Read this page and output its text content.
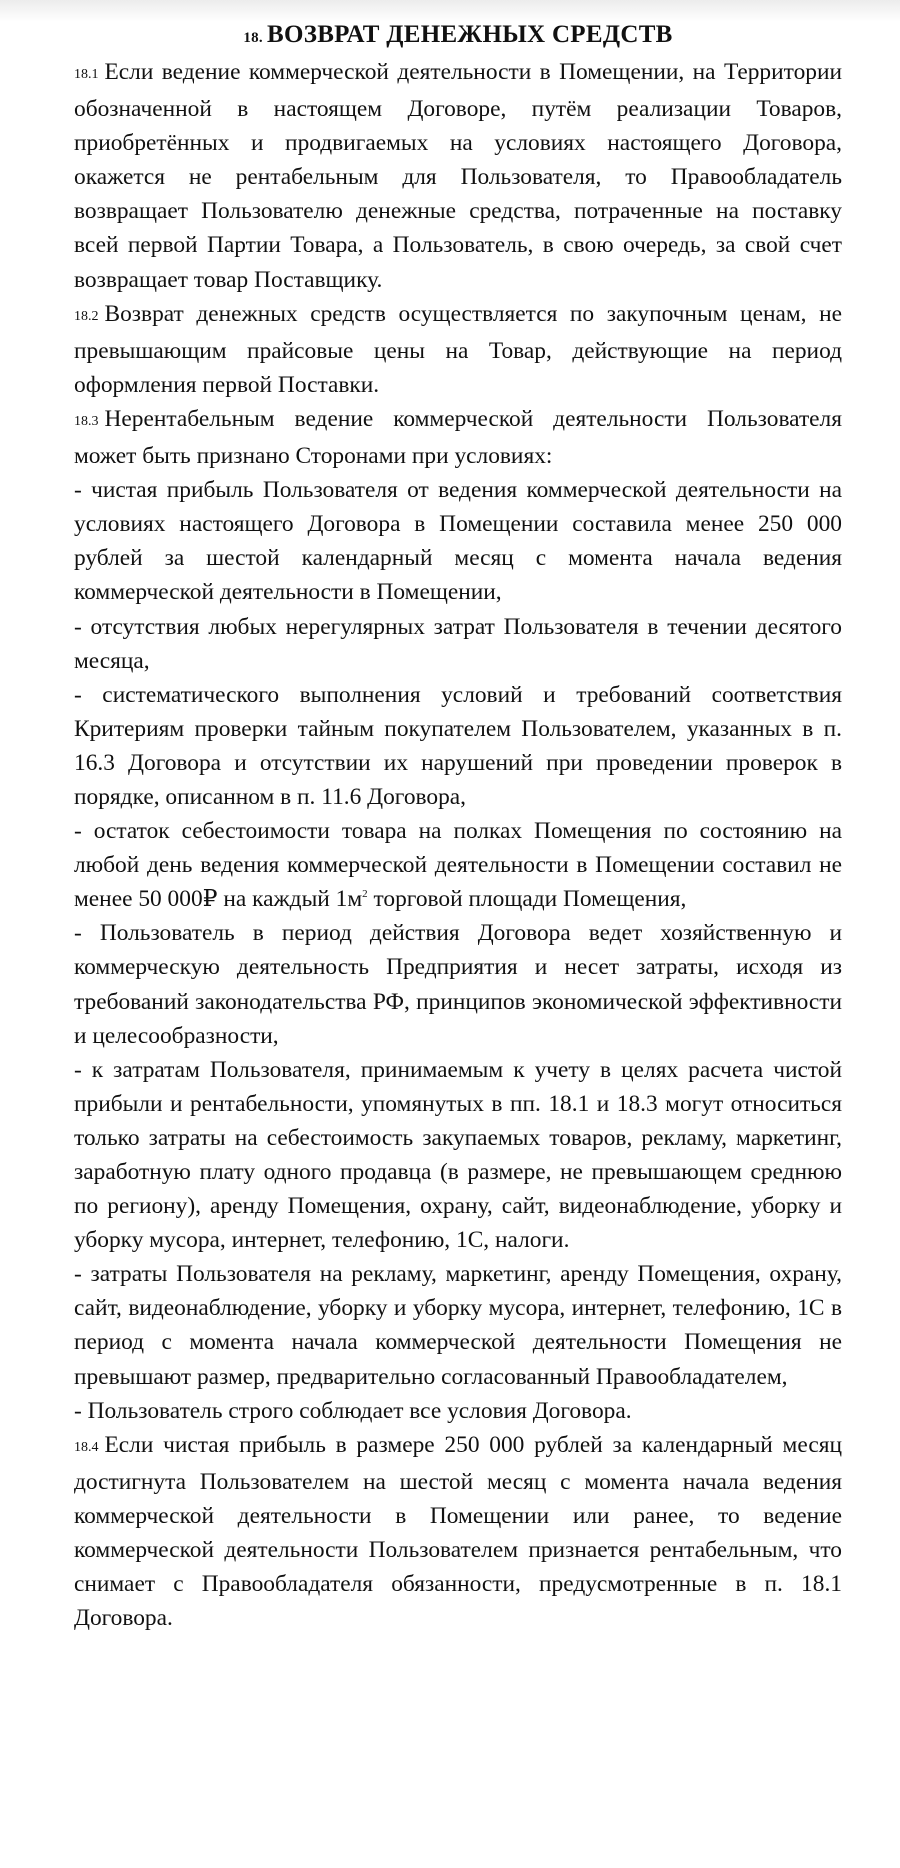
18. ВОЗВРАТ ДЕНЕЖНЫХ СРЕДСТВ

18.1 Если ведение коммерческой деятельности в Помещении, на Территории обозначенной в настоящем Договоре, путём реализации Товаров, приобретённых и продвигаемых на условиях настоящего Договора, окажется не рентабельным для Пользователя, то Правообладатель возвращает Пользователю денежные средства, потраченные на поставку всей первой Партии Товара, а Пользователь, в свою очередь, за свой счет возвращает товар Поставщику.

18.2 Возврат денежных средств осуществляется по закупочным ценам, не превышающим прайсовые цены на Товар, действующие на период оформления первой Поставки.

18.3 Нерентабельным ведение коммерческой деятельности Пользователя может быть признано Сторонами при условиях:

- чистая прибыль Пользователя от ведения коммерческой деятельности на условиях настоящего Договора в Помещении составила менее 250 000 рублей за шестой календарный месяц с момента начала ведения коммерческой деятельности в Помещении,

- отсутствия любых нерегулярных затрат Пользователя в течении десятого месяца,

- систематического выполнения условий и требований соответствия Критериям проверки тайным покупателем Пользователем, указанных в п. 16.3 Договора и отсутствии их нарушений при проведении проверок в порядке, описанном в п. 11.6 Договора,

- остаток себестоимости товара на полках Помещения по состоянию на любой день ведения коммерческой деятельности в Помещении составил не менее 50 000₽ на каждый $1м^2$ торговой площади Помещения,

- Пользователь в период действия Договора ведет хозяйственную и коммерческую деятельность Предприятия и несет затраты, исходя из требований законодательства РФ, принципов экономической эффективности и целесообразности,

- к затратам Пользователя, принимаемым к учету в целях расчета чистой прибыли и рентабельности, упомянутых в пп. 18.1 и 18.3 могут относиться только затраты на себестоимость закупаемых товаров, рекламу, маркетинг, заработную плату одного продавца (в размере, не превышающем среднюю по региону), аренду Помещения, охрану, сайт, видеонаблюдение, уборку и уборку мусора, интернет, телефонию, 1С, налоги.

- затраты Пользователя на рекламу, маркетинг, аренду Помещения, охрану, сайт, видеонаблюдение, уборку и уборку мусора, интернет, телефонию, 1С в период с момента начала коммерческой деятельности Помещения не превышают размер, предварительно согласованный Правообладателем,

- Пользователь строго соблюдает все условия Договора.

18.4 Если чистая прибыль в размере 250 000 рублей за календарный месяц достигнута Пользователем на шестой месяц с момента начала ведения коммерческой деятельности в Помещении или ранее, то ведение коммерческой деятельности Пользователем признается рентабельным, что снимает с Правообладателя обязанности, предусмотренные в п. 18.1 Договора.
